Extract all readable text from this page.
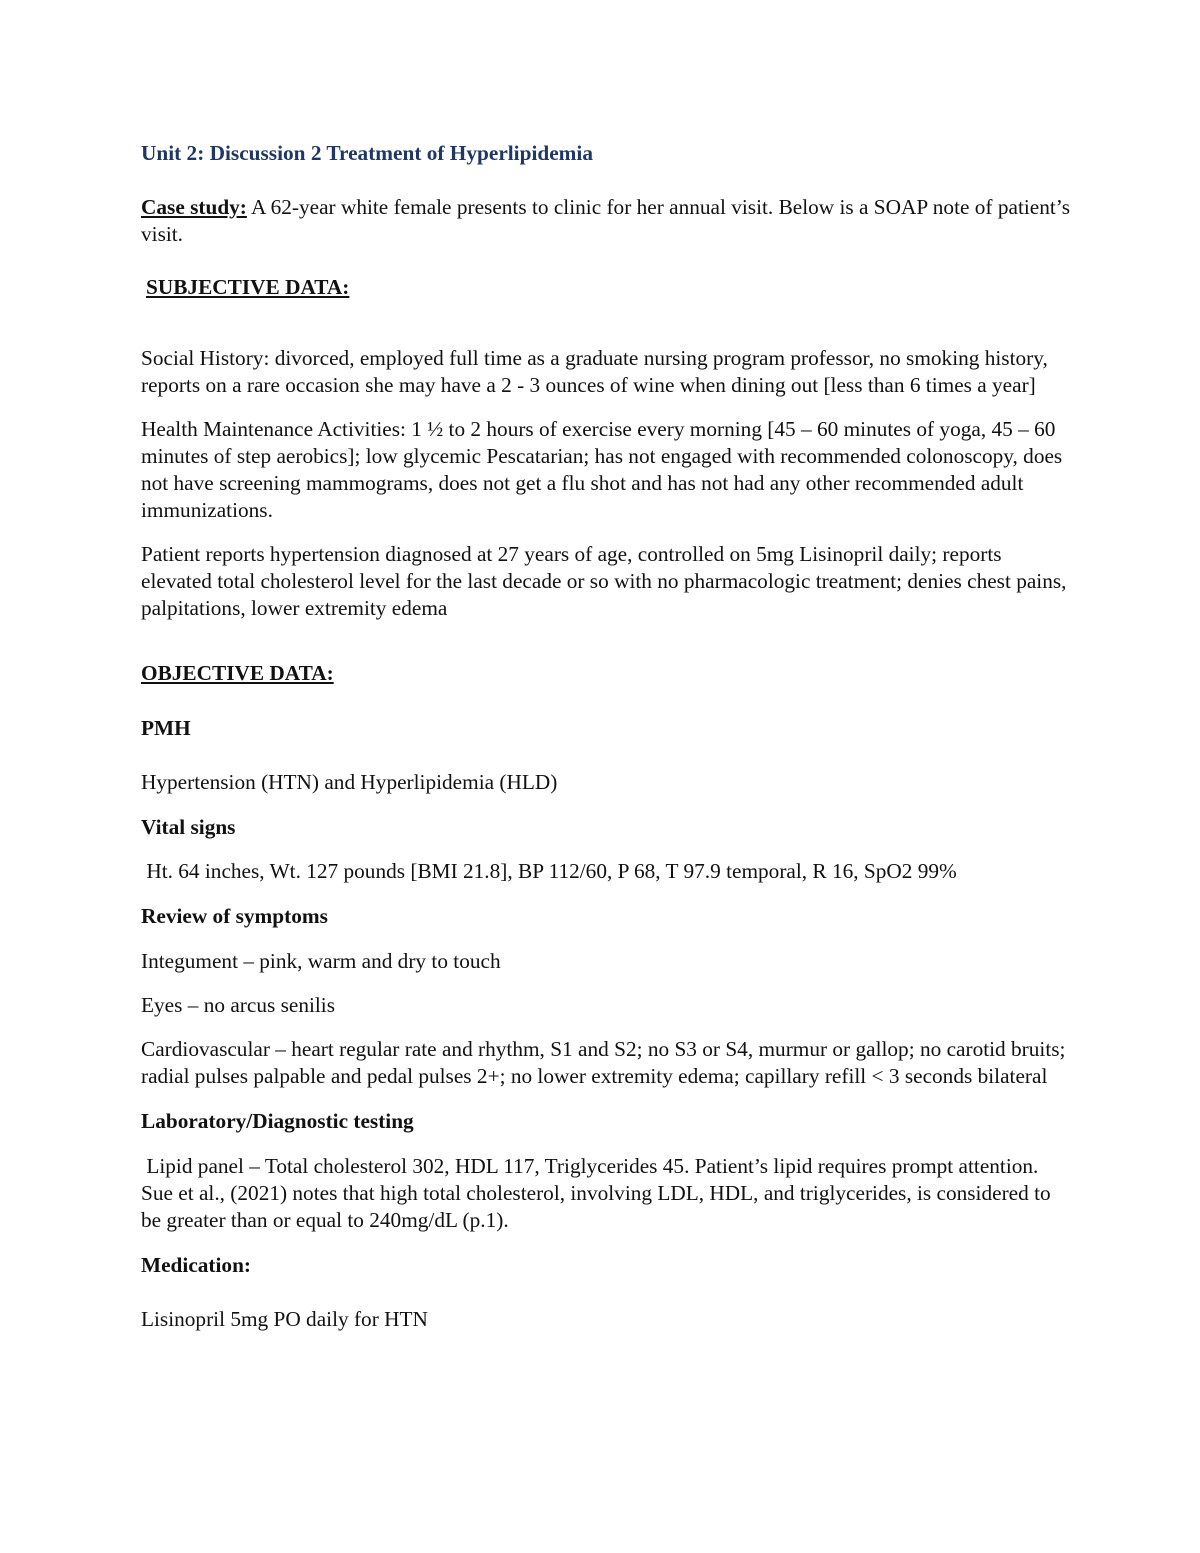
Unit 2: Discussion 2 Treatment of Hyperlipidemia

Case study: A 62-year white female presents to clinic for her annual visit. Below is a SOAP note of patient’s visit.

SUBJECTIVE DATA:

Social History: divorced, employed full time as a graduate nursing program professor, no smoking history, reports on a rare occasion she may have a 2 - 3 ounces of wine when dining out [less than 6 times a year]

Health Maintenance Activities: 1 ½ to 2 hours of exercise every morning [45 – 60 minutes of yoga, 45 – 60 minutes of step aerobics]; low glycemic Pescatarian; has not engaged with recommended colonoscopy, does not have screening mammograms, does not get a flu shot and has not had any other recommended adult immunizations.

Patient reports hypertension diagnosed at 27 years of age, controlled on 5mg Lisinopril daily; reports elevated total cholesterol level for the last decade or so with no pharmacologic treatment; denies chest pains, palpitations, lower extremity edema

OBJECTIVE DATA:

PMH

Hypertension (HTN) and Hyperlipidemia (HLD)

Vital signs

Ht. 64 inches, Wt. 127 pounds [BMI 21.8], BP 112/60, P 68, T 97.9 temporal, R 16, SpO2 99%

Review of symptoms

Integument – pink, warm and dry to touch

Eyes – no arcus senilis

Cardiovascular – heart regular rate and rhythm, S1 and S2; no S3 or S4, murmur or gallop; no carotid bruits; radial pulses palpable and pedal pulses 2+; no lower extremity edema; capillary refill < 3 seconds bilateral

Laboratory/Diagnostic testing

Lipid panel – Total cholesterol 302, HDL 117, Triglycerides 45. Patient’s lipid requires prompt attention. Sue et al., (2021) notes that high total cholesterol, involving LDL, HDL, and triglycerides, is considered to be greater than or equal to 240mg/dL (p.1).

Medication:

Lisinopril 5mg PO daily for HTN
